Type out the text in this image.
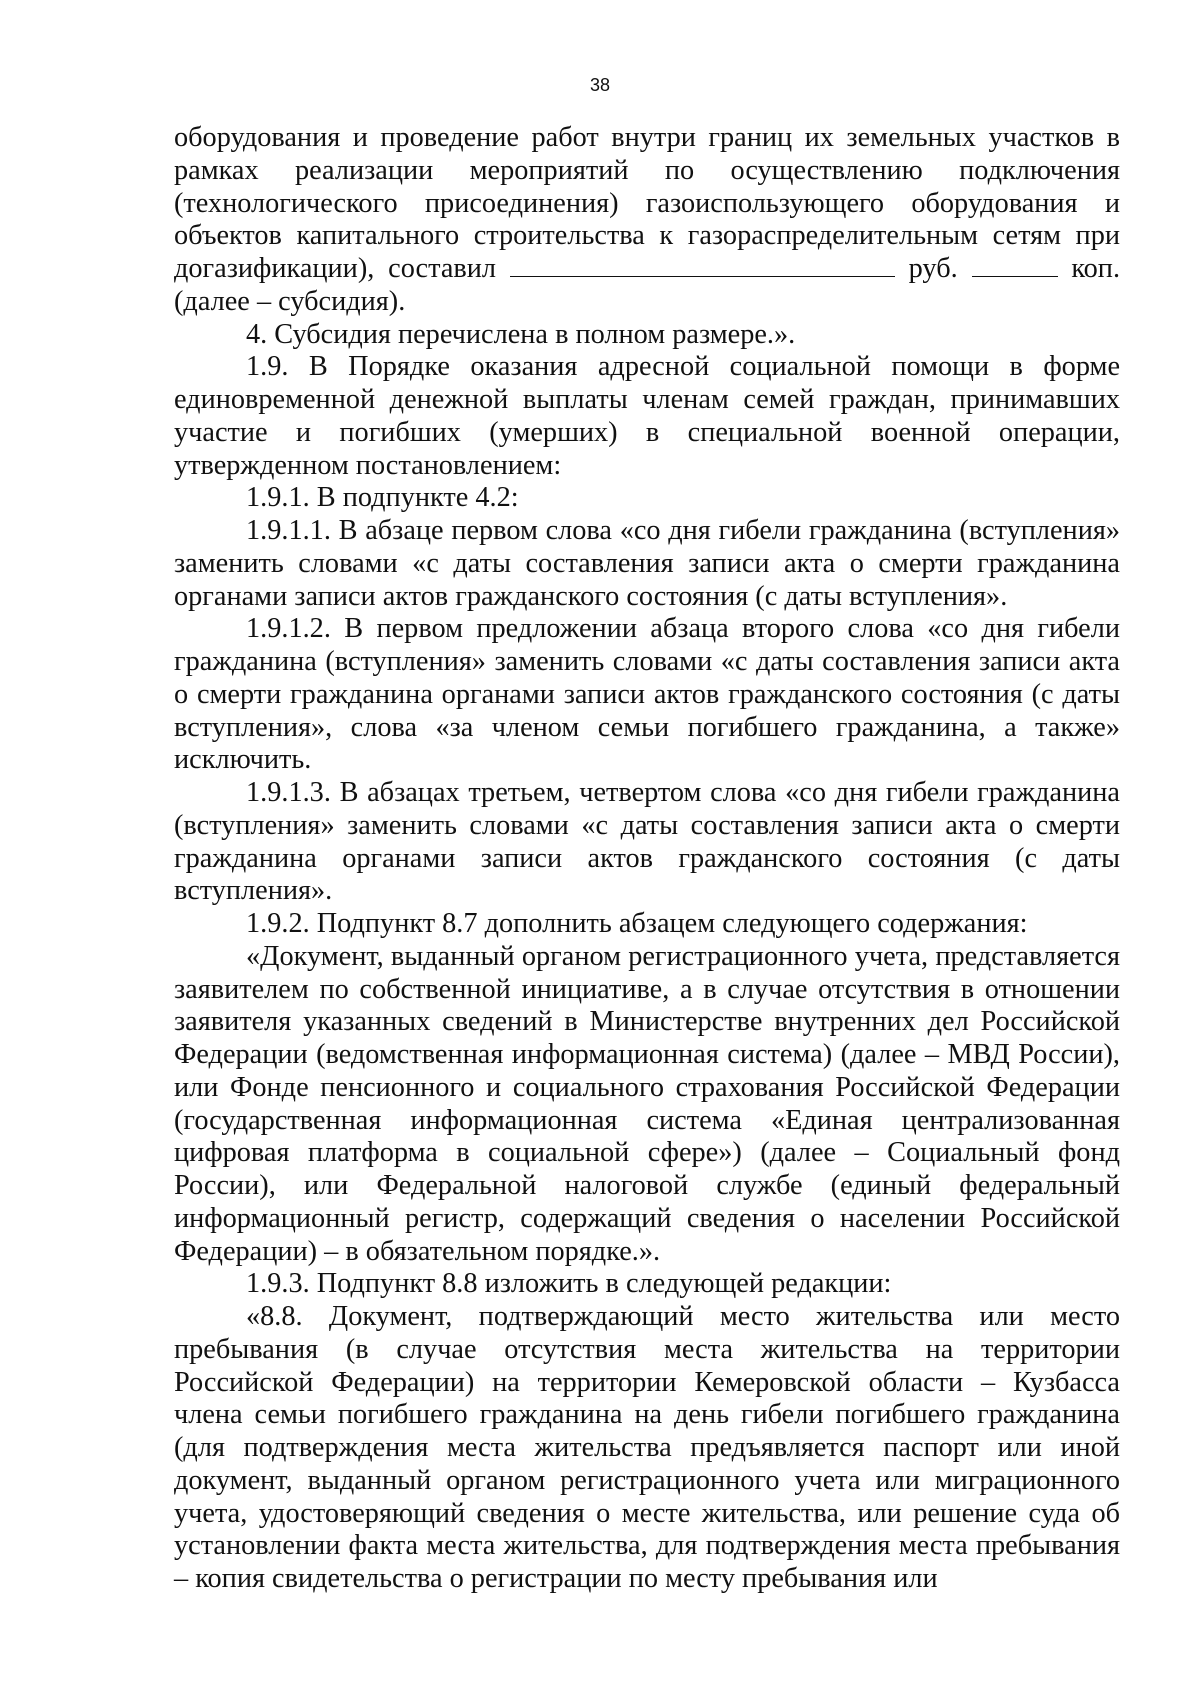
38

оборудования и проведение работ внутри границ их земельных участков в рамках реализации мероприятий по осуществлению подключения (технологического присоединения) газоиспользующего оборудования и объектов капитального строительства к газораспределительным сетям при догазификации), составил	руб.	коп. (далее – субсидия).

4. Субсидия перечислена в полном размере.».

1.9. В Порядке оказания адресной социальной помощи в форме единовременной денежной выплаты членам семей граждан, принимавших участие и погибших (умерших) в специальной военной операции, утвержденном постановлением:

1.9.1. В подпункте 4.2:

1.9.1.1. В абзаце первом слова «со дня гибели гражданина (вступления» заменить словами «с даты составления записи акта о смерти гражданина органами записи актов гражданского состояния (с даты вступления».

1.9.1.2. В первом предложении абзаца второго слова «со дня гибели гражданина (вступления» заменить словами «с даты составления записи акта о смерти гражданина органами записи актов гражданского состояния (с даты вступления», слова «за членом семьи погибшего гражданина, а также» исключить.

1.9.1.3. В абзацах третьем, четвертом слова «со дня гибели гражданина (вступления» заменить словами «с даты составления записи акта о смерти гражданина органами записи актов гражданского состояния (с даты вступления».

1.9.2. Подпункт 8.7 дополнить абзацем следующего содержания:

«Документ, выданный органом регистрационного учета, представляется заявителем по собственной инициативе, а в случае отсутствия в отношении заявителя указанных сведений в Министерстве внутренних дел Российской Федерации (ведомственная информационная система) (далее – МВД России), или Фонде пенсионного и социального страхования Российской Федерации (государственная информационная система «Единая централизованная цифровая платформа в социальной сфере») (далее – Социальный фонд России), или Федеральной налоговой службе (единый федеральный информационный регистр, содержащий сведения о населении Российской Федерации) – в обязательном порядке.».

1.9.3. Подпункт 8.8 изложить в следующей редакции:

«8.8. Документ, подтверждающий место жительства или место пребывания (в случае отсутствия места жительства на территории Российской Федерации) на территории Кемеровской области – Кузбасса члена семьи погибшего гражданина на день гибели погибшего гражданина (для подтверждения места жительства предъявляется паспорт или иной документ, выданный органом регистрационного учета или миграционного учета, удостоверяющий сведения о месте жительства, или решение суда об установлении факта места жительства, для подтверждения места пребывания – копия свидетельства о регистрации по месту пребывания или
